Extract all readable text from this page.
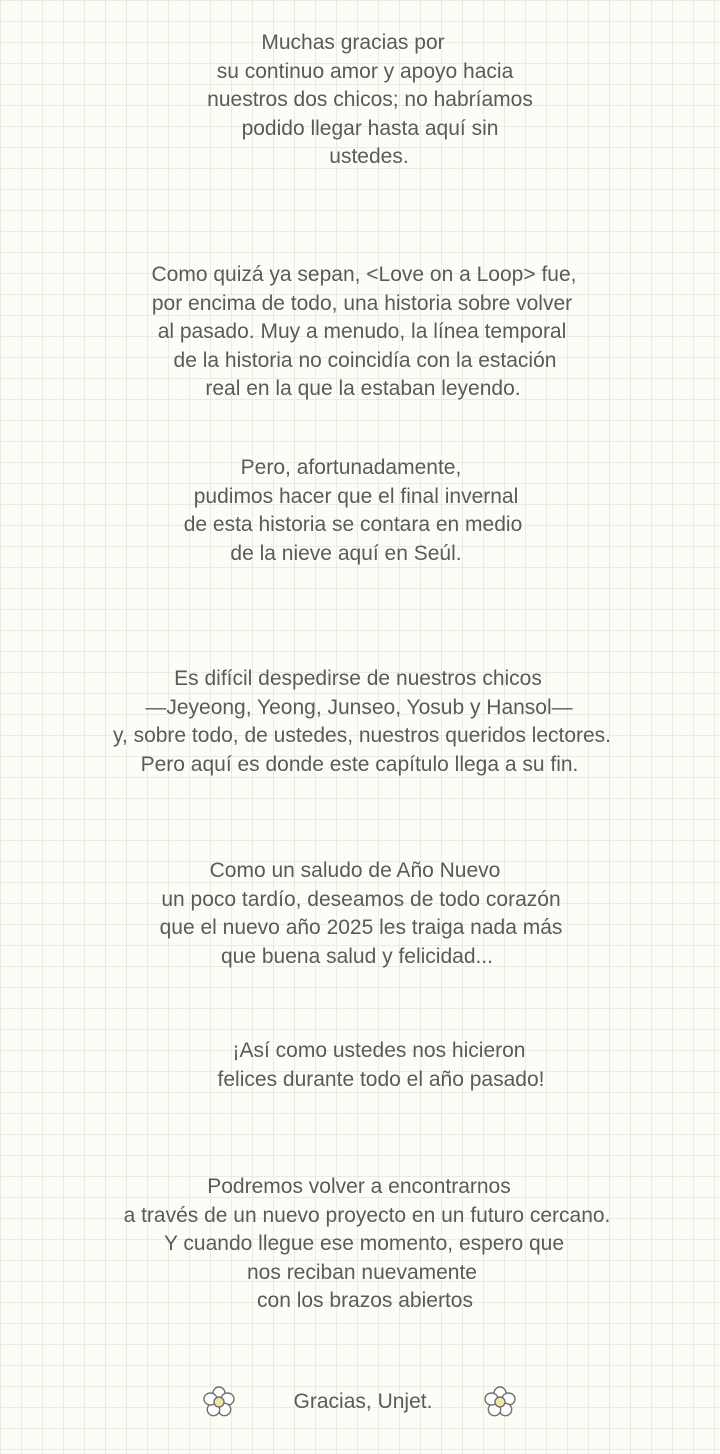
Muchas gracias por
su continuo amor y apoyo hacia
nuestros dos chicos; no habríamos
podido llegar hasta aquí sin
ustedes.
Como quizá ya sepan, <Love on a Loop> fue,
por encima de todo, una historia sobre volver
al pasado. Muy a menudo, la línea temporal
de la historia no coincidía con la estación
real en la que la estaban leyendo.
Pero, afortunadamente,
pudimos hacer que el final invernal
de esta historia se contara en medio
de la nieve aquí en Seúl.
Es difícil despedirse de nuestros chicos
—Jeyeong, Yeong, Junseo, Yosub y Hansol—
y, sobre todo, de ustedes, nuestros queridos lectores.
Pero aquí es donde este capítulo llega a su fin.
Como un saludo de Año Nuevo
un poco tardío, deseamos de todo corazón
que el nuevo año 2025 les traiga nada más
que buena salud y felicidad...
¡Así como ustedes nos hicieron
felices durante todo el año pasado!
Podremos volver a encontrarnos
a través de un nuevo proyecto en un futuro cercano.
Y cuando llegue ese momento, espero que
nos reciban nuevamente
con los brazos abiertos
Gracias, Unjet.
